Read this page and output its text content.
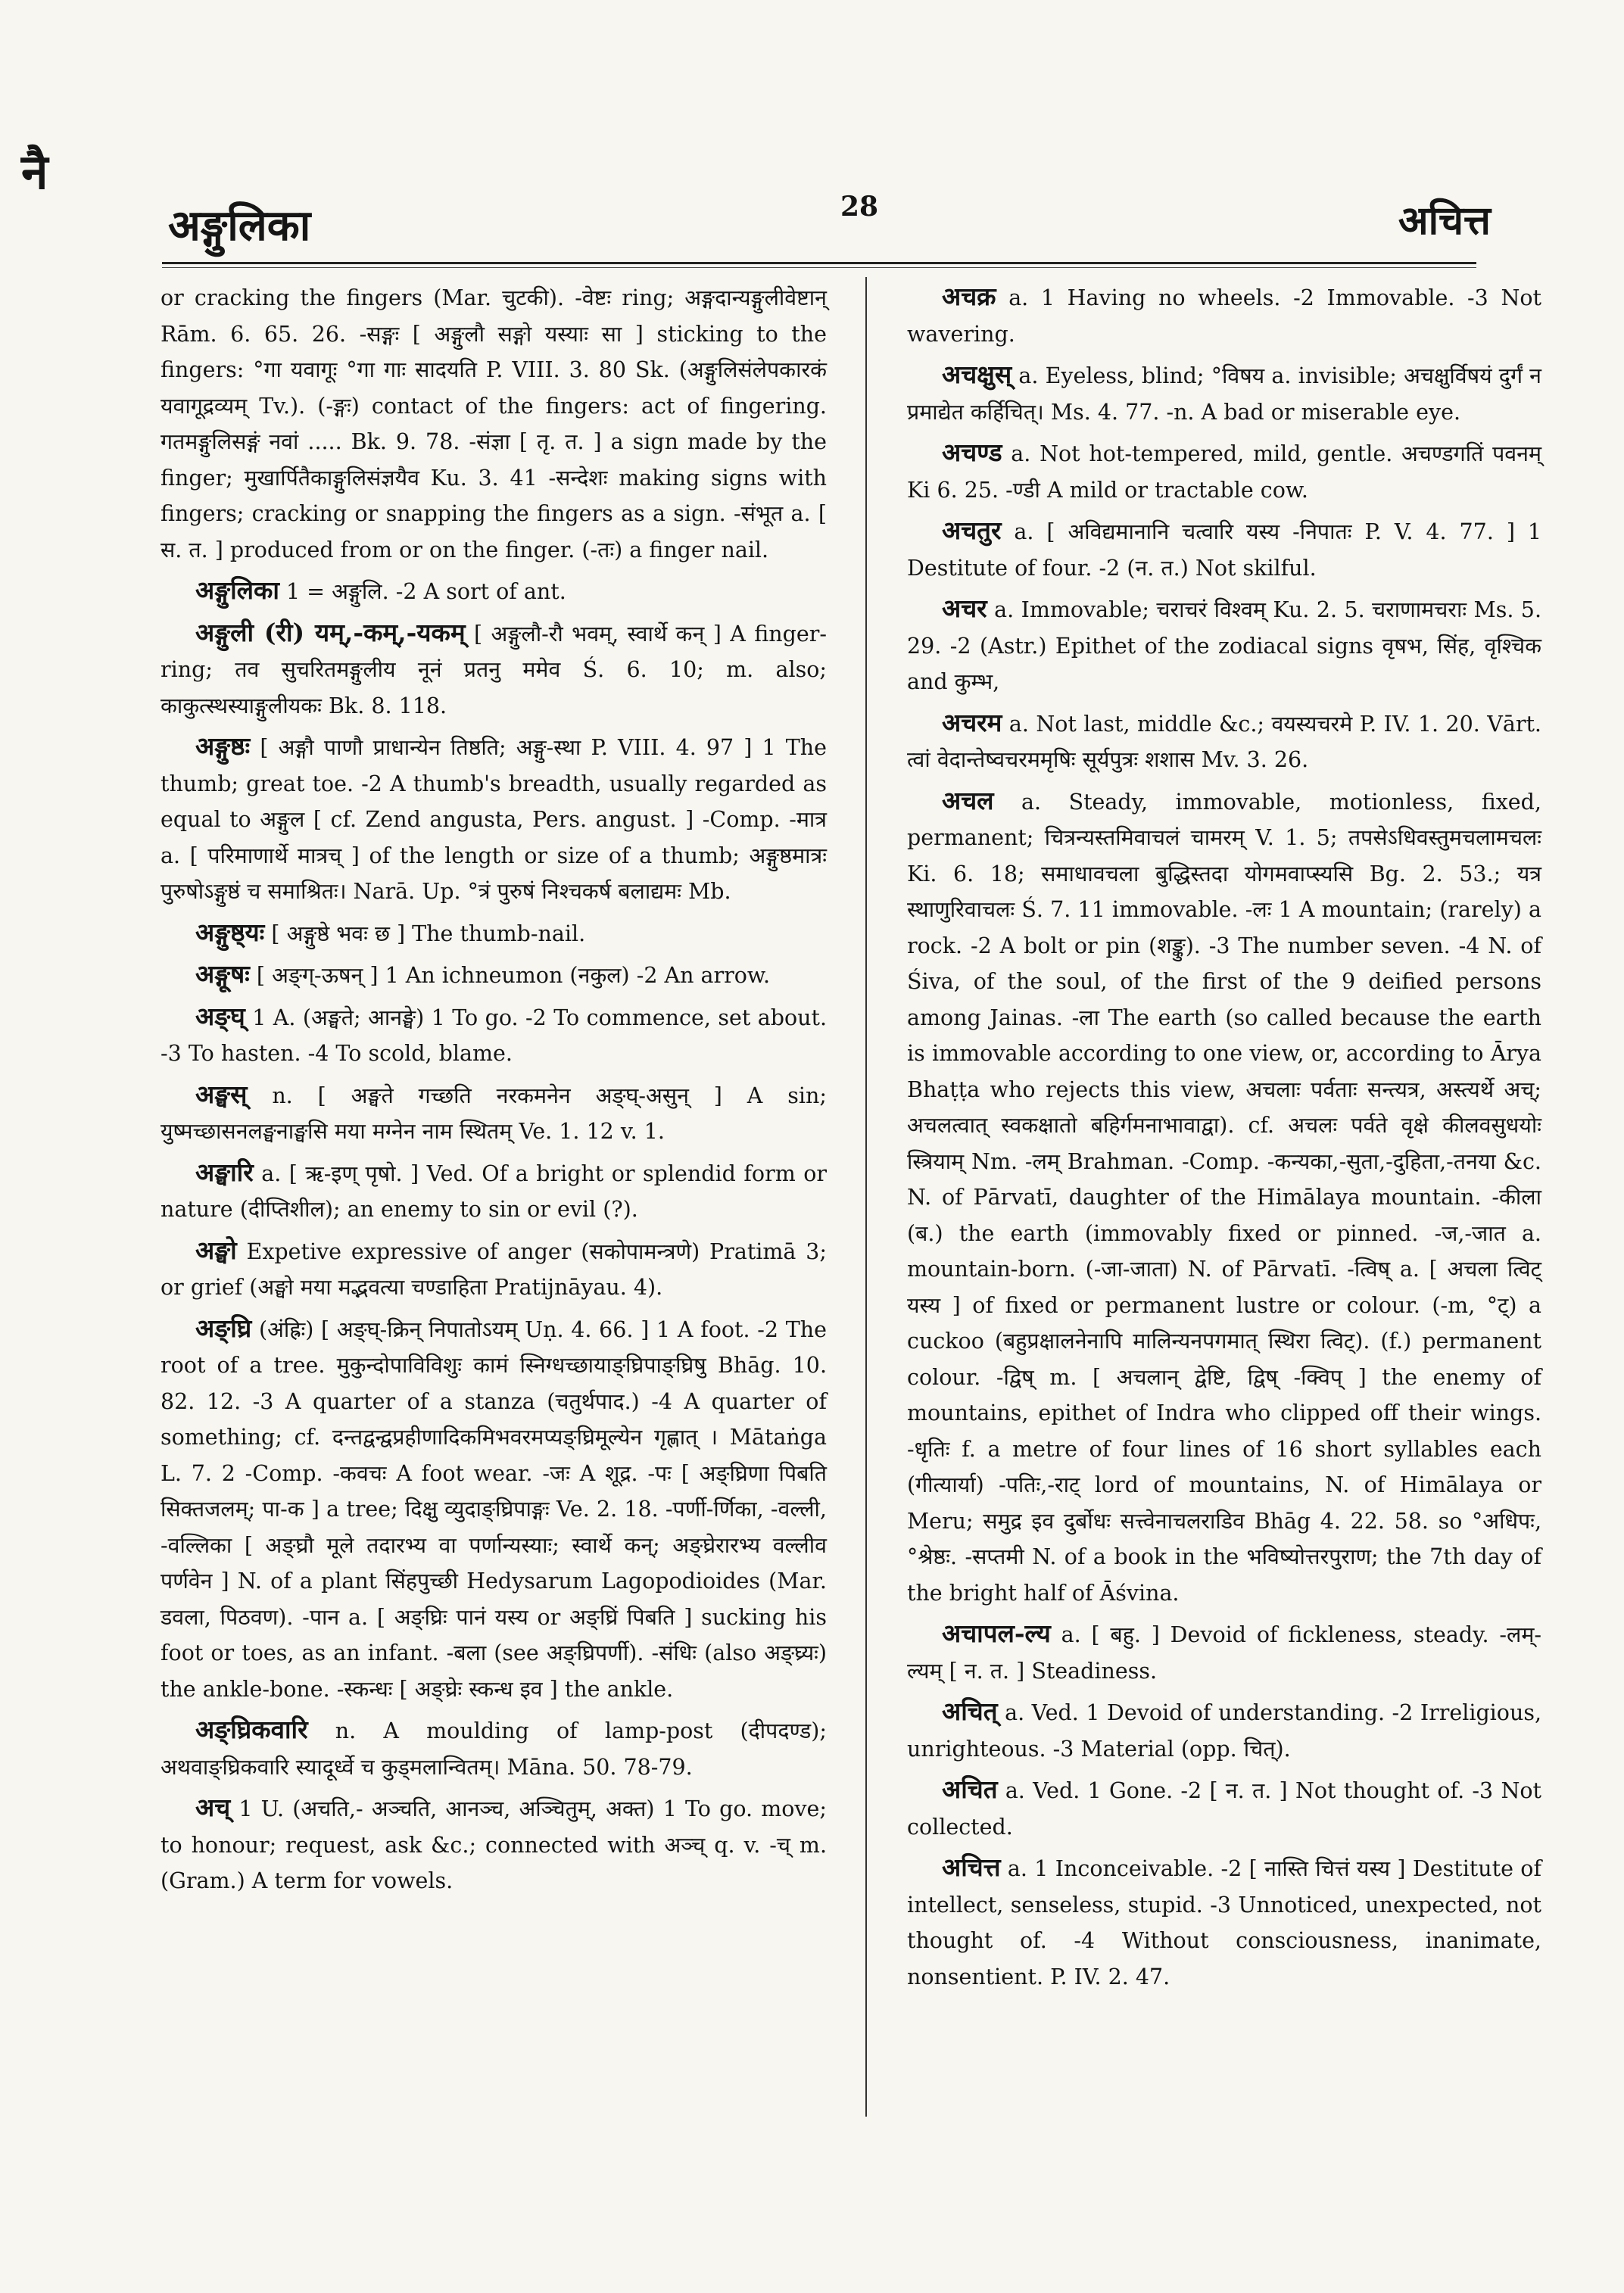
नै
अङ्गुलिका	28	अचित्त

or cracking the fingers (Mar. चुटकी). -वेष्टः ring; अङ्गदान्यङ्गुलीवेष्टान् Rām. 6. 65. 26. -सङ्गः [ अङ्गुलौ सङ्गो यस्याः सा ] sticking to the fingers: °गा यवागूः °गा गाः सादयति P. VIII. 3. 80 Sk. (अङ्गुलिसंलेपकारकं यवागूद्रव्यम् Tv.). (-ङ्गः) contact of the fingers: act of fingering. गतमङ्गुलिसङ्गं नवां ..... Bk. 9. 78. -संज्ञा [ तृ. त. ] a sign made by the finger; मुखार्पितैकाङ्गुलिसंज्ञयैव Ku. 3. 41 -सन्देशः making signs with fingers; cracking or snapping the fingers as a sign. -संभूत a. [ स. त. ] produced from or on the finger. (-तः) a finger nail.

अङ्गुलिका 1 = अङ्गुलि. -2 A sort of ant.

अङ्गुली (री) यम्,-कम्,-यकम् [ अङ्गुलौ-रौ भवम्, स्वार्थे कन् ] A finger-ring; तव सुचरितमङ्गुलीय नूनं प्रतनु ममेव Ś. 6. 10; m. also; काकुत्स्थस्याङ्गुलीयकः Bk. 8. 118.

अङ्गुष्ठः [ अङ्गौ पाणौ प्राधान्येन तिष्ठति; अङ्गु-स्था P. VIII. 4. 97 ] 1 The thumb; great toe. -2 A thumb's breadth, usually regarded as equal to अङ्गुल [ cf. Zend angusta, Pers. angust. ] -Comp. -मात्र a. [ परिमाणार्थे मात्रच् ] of the length or size of a thumb; अङ्गुष्ठमात्रः पुरुषोऽङ्गुष्ठं च समाश्रितः। Narā. Up. °त्रं पुरुषं निश्चकर्ष बलाद्यमः Mb.

अङ्गुष्ठ्यः [ अङ्गुष्ठे भवः छ ] The thumb-nail.

अङ्गूषः [ अङ्ग्-ऊषन् ] 1 An ichneumon (नकुल) -2 An arrow.

अङ्घ् 1 A. (अङ्घते; आनङ्घे) 1 To go. -2 To commence, set about. -3 To hasten. -4 To scold, blame.

अङ्घस् n. [ अङ्घते गच्छति नरकमनेन अङ्घ्-असुन् ] A sin; युष्मच्छासनलङ्घनाङ्घसि मया मग्नेन नाम स्थितम् Ve. 1. 12 v. 1.

अङ्घारि a. [ ऋ-इण् पृषो. ] Ved. Of a bright or splendid form or nature (दीप्तिशील); an enemy to sin or evil (?).

अङ्घो Expetive expressive of anger (सकोपामन्त्रणे) Pratimā 3; or grief (अङ्घो मया मद्भवत्या चण्डाहिता Pratijnāyau. 4).

अङ्घ्रि (अंह्रिः) [ अङ्घ्-क्रिन् निपातोऽयम् Uṇ. 4. 66. ] 1 A foot. -2 The root of a tree. मुकुन्दोपाविविशुः कामं स्निग्धच्छायाङ्घ्रिपाङ्घ्रिषु Bhāg. 10. 82. 12. -3 A quarter of a stanza (चतुर्थपाद.) -4 A quarter of something; cf. दन्तद्वन्द्वप्रहीणादिकमिभवरमप्यङ्घ्रिमूल्येन गृह्णात् । Mātaṅga L. 7. 2 -Comp. -कवचः A foot wear. -जः A शूद्र. -पः [ अङ्घ्रिणा पिबति सिक्तजलम्; पा-क ] a tree; दिक्षु व्युदाङ्घ्रिपाङ्गः Ve. 2. 18. -पर्णी-र्णिका, -वल्ली, -वल्लिका [ अङ्घ्रौ मूले तदारभ्य वा पर्णान्यस्याः; स्वार्थे कन्; अङ्घ्रेरारभ्य वल्लीव पर्णवेन ] N. of a plant सिंहपुच्छी Hedysarum Lagopodioides (Mar. डवला, पिठवण). -पान a. [ अङ्घ्रिः पानं यस्य or अङ्घ्रिं पिबति ] sucking his foot or toes, as an infant. -बला (see अङ्घ्रिपर्णी). -संधिः (also अङ्घ्र्यः) the ankle-bone. -स्कन्धः [ अङ्घ्रेः स्कन्ध इव ] the ankle.

अङ्घ्रिकवारि n. A moulding of lamp-post (दीपदण्ड); अथवाङ्घ्रिकवारि स्यादूर्ध्वे च कुड्मलान्वितम्। Māna. 50. 78-79.

अच् 1 U. (अचति,- अञ्चति, आनञ्च, अञ्चितुम्, अक्त) 1 To go. move; to honour; request, ask &c.; connected with अञ्च् q. v. -च् m. (Gram.) A term for vowels.

अचक्र a. 1 Having no wheels. -2 Immovable. -3 Not wavering.

अचक्षुस् a. Eyeless, blind; °विषय a. invisible; अचक्षुर्विषयं दुर्गं न प्रमाद्येत कर्हिचित्। Ms. 4. 77. -n. A bad or miserable eye.

अचण्ड a. Not hot-tempered, mild, gentle. अचण्डगतिं पवनम् Ki 6. 25. -ण्डी A mild or tractable cow.

अचतुर a. [ अविद्यमानानि चत्वारि यस्य -निपातः P. V. 4. 77. ] 1 Destitute of four. -2 (न. त.) Not skilful.

अचर a. Immovable; चराचरं विश्वम् Ku. 2. 5. चराणामचराः Ms. 5. 29. -2 (Astr.) Epithet of the zodiacal signs वृषभ, सिंह, वृश्चिक and कुम्भ,

अचरम a. Not last, middle &c.; वयस्यचरमे P. IV. 1. 20. Vārt. त्वां वेदान्तेष्वचरममृषिः सूर्यपुत्रः शशास Mv. 3. 26.

अचल a. Steady, immovable, motionless, fixed, permanent; चित्रन्यस्तमिवाचलं चामरम् V. 1. 5; तपसेऽधिवस्तुमचलामचलः Ki. 6. 18; समाधावचला बुद्धिस्तदा योगमवाप्स्यसि Bg. 2. 53.; यत्र स्थाणुरिवाचलः Ś. 7. 11 immovable. -लः 1 A mountain; (rarely) a rock. -2 A bolt or pin (शङ्कु). -3 The number seven. -4 N. of Śiva, of the soul, of the first of the 9 deified persons among Jainas. -ला The earth (so called because the earth is immovable according to one view, or, according to Ārya Bhaṭṭa who rejects this view, अचलाः पर्वताः सन्त्यत्र, अस्त्यर्थे अच्; अचलत्वात् स्वकक्षातो बहिर्गमनाभावाद्वा). cf. अचलः पर्वते वृक्षे कीलवसुधयोः स्त्रियाम् Nm. -लम् Brahman. -Comp. -कन्यका,-सुता,-दुहिता,-तनया &c. N. of Pārvatī, daughter of the Himālaya mountain. -कीला (ब.) the earth (immovably fixed or pinned. -ज,-जात a. mountain-born. (-जा-जाता) N. of Pārvatī. -त्विष् a. [ अचला त्विट् यस्य ] of fixed or permanent lustre or colour. (-m, °ट्) a cuckoo (बहुप्रक्षालनेनापि मालिन्यनपगमात् स्थिरा त्विट्). (f.) permanent colour. -द्विष् m. [ अचलान् द्वेष्टि, द्विष् -क्विप् ] the enemy of mountains, epithet of Indra who clipped off their wings. -धृतिः f. a metre of four lines of 16 short syllables each (गीत्यार्या) -पतिः,-राट् lord of mountains, N. of Himālaya or Meru; समुद्र इव दुर्बोधः सत्त्वेनाचलराडिव Bhāg 4. 22. 58. so °अधिपः, °श्रेष्ठः. -सप्तमी N. of a book in the भविष्योत्तरपुराण; the 7th day of the bright half of Āśvina.

अचापल-ल्य a. [ बहु. ] Devoid of fickleness, steady. -लम्-ल्यम् [ न. त. ] Steadiness.

अचित् a. Ved. 1 Devoid of understanding. -2 Irreligious, unrighteous. -3 Material (opp. चित्).

अचित a. Ved. 1 Gone. -2 [ न. त. ] Not thought of. -3 Not collected.

अचित्त a. 1 Inconceivable. -2 [ नास्ति चित्तं यस्य ] Destitute of intellect, senseless, stupid. -3 Unnoticed, unexpected, not thought of. -4 Without consciousness, inanimate, nonsentient. P. IV. 2. 47.
